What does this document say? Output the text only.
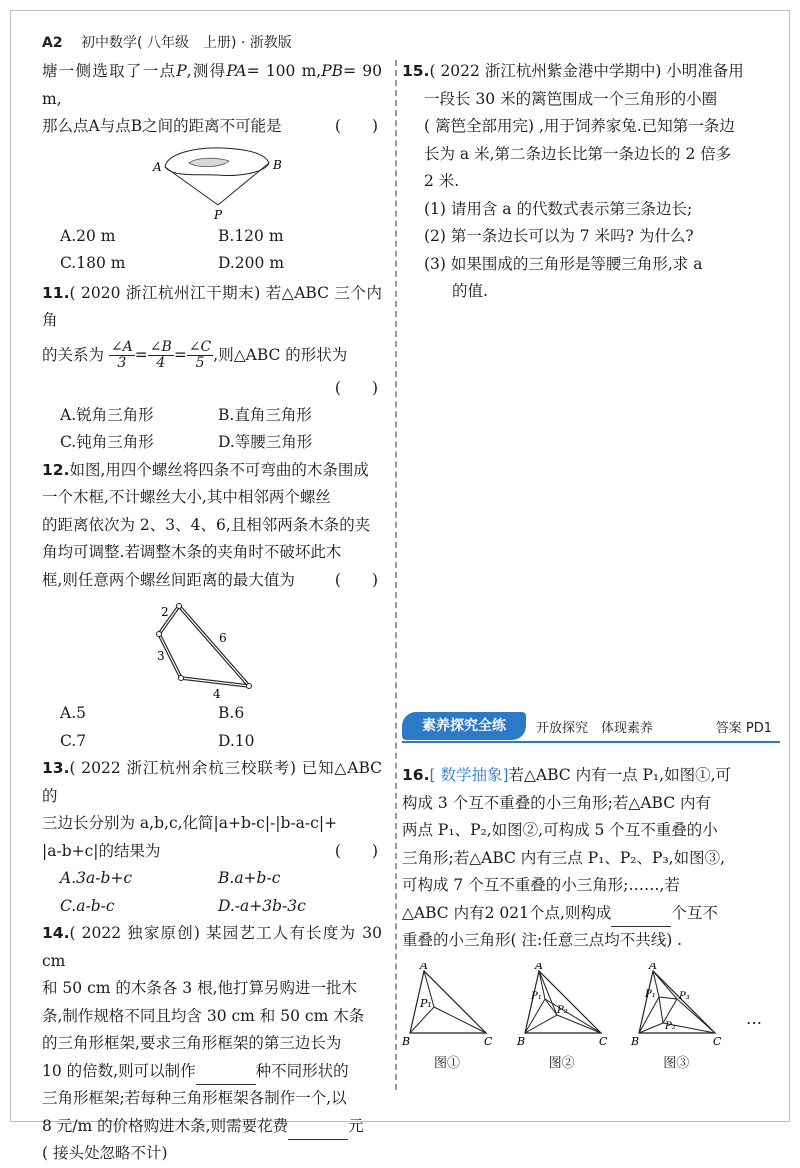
A2 初中数学( 八年级　上册) · 浙教版

塘一侧选取了一点P,测得PA= 100 m,PB= 90 m,

那么点A与点B之间的距离不可能是	(　　)

A	B
P
A.20 m	B.120 m
C.180 m	D.200 m

11.( 2020 浙江杭州江干期末) 若△ABC 三个内角

的关系为 $\frac{\angle A}{3} = \frac{\angle B}{4} = \frac{\angle C}{5}$ ,则△ABC 的形状为

(　　)

A.锐角三角形	B.直角三角形
C.钝角三角形	D.等腰三角形

12.如图,用四个螺丝将四条不可弯曲的木条围成

一个木框,不计螺丝大小,其中相邻两个螺丝

的距离依次为 2、3、4、6,且相邻两条木条的夹

角均可调整.若调整木条的夹角时不破坏此木

框,则任意两个螺丝间距离的最大值为	(　　)

2
3
4
6
A.5	B.6
C.7	D.10

13.( 2022 浙江杭州余杭三校联考) 已知△ABC 的

三边长分别为 a,b,c,化简|a+b-c|-|b-a-c|+

|a-b+c|的结果为	(　　)

A.3a-b+c	B.a+b-c
C.a-b-c	D.-a+3b-3c

14.( 2022 独家原创) 某园艺工人有长度为 30 cm

和 50 cm 的木条各 3 根,他打算另购进一批木

条,制作规格不同且均含 30 cm 和 50 cm 木条

的三角形框架,要求三角形框架的第三边长为

10 的倍数,则可以制作	种不同形状的

三角形框架;若每种三角形框架各制作一个,以

8 元/m 的价格购进木条,则需要花费	元

( 接头处忽略不计)

15.( 2022 浙江杭州紫金港中学期中) 小明准备用

一段长 30 米的篱笆围成一个三角形的小圈

( 篱笆全部用完) ,用于饲养家兔.已知第一条边

长为 a 米,第二条边长比第一条边长的 2 倍多

2 米.

(1) 请用含 a 的代数式表示第三条边长;

(2) 第一条边长可以为 7 米吗? 为什么?

(3) 如果围成的三角形是等腰三角形,求 a

的值.

素养探究全练	开放探究　体现素养	答案 PD1

16.[ 数学抽象]若△ABC 内有一点 P₁,如图①,可

构成 3 个互不重叠的小三角形;若△ABC 内有

两点 P₁、P₂,如图②,可构成 5 个互不重叠的小

三角形;若△ABC 内有三点 P₁、P₂、P₃,如图③,

可构成 7 个互不重叠的小三角形;……,若

△ABC 内有2 021个点,则构成	个互不

重叠的小三角形( 注:任意三点均不共线) .

A
B	C
P₁
图①
A
B	C
P₁
P₂
图②
A
B	C
P₁ P₃
P₂
图③
…
